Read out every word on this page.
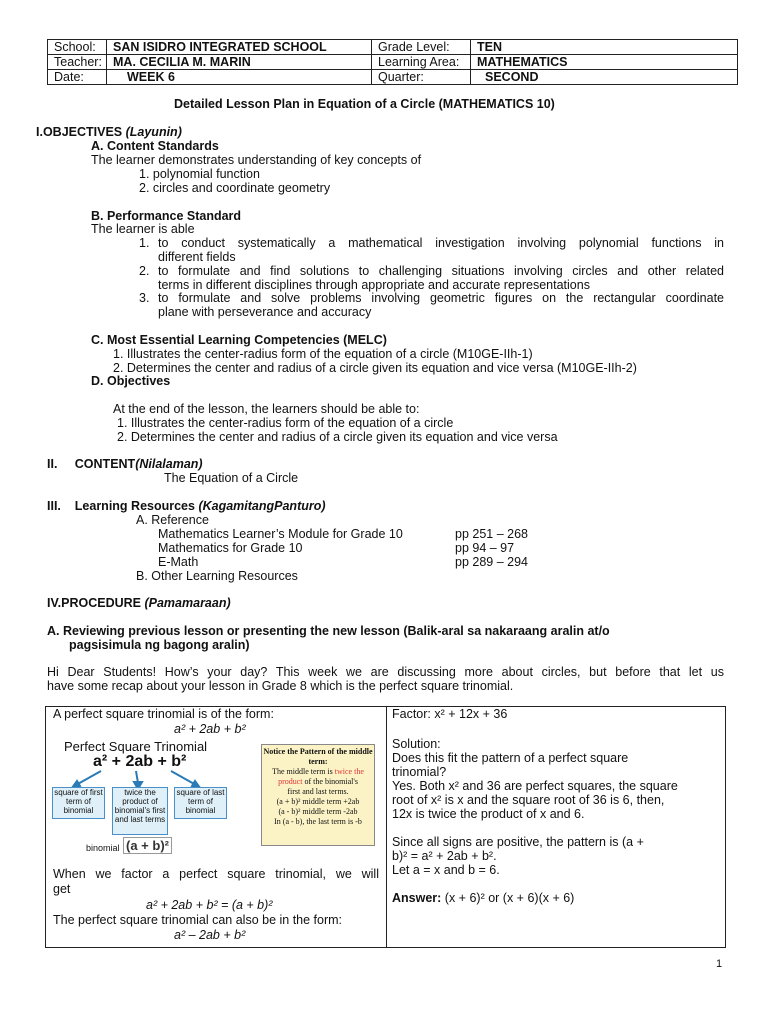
School:	SAN ISIDRO INTEGRATED SCHOOL	Grade Level:	TEN
Teacher:	MA. CECILIA M. MARIN	Learning Area:	MATHEMATICS
Date:	WEEK 6	Quarter:	SECOND
Detailed Lesson Plan in Equation of a Circle (MATHEMATICS 10)
I.OBJECTIVES (Layunin)
A. Content Standards
The learner demonstrates understanding of key concepts of
1. polynomial function
2. circles and coordinate geometry
B. Performance Standard
The learner is able
1. to conduct systematically a mathematical investigation involving polynomial functions in
different fields
2. to formulate and find solutions to challenging situations involving circles and other related
terms in different disciplines through appropriate and accurate representations
3. to formulate and solve problems involving geometric figures on the rectangular coordinate
plane with perseverance and accuracy
C. Most Essential Learning Competencies (MELC)
1. Illustrates the center-radius form of the equation of a circle (M10GE-IIh-1)
2. Determines the center and radius of a circle given its equation and vice versa (M10GE-IIh-2)
D. Objectives
At the end of the lesson, the learners should be able to:
1. Illustrates the center-radius form of the equation of a circle
2. Determines the center and radius of a circle given its equation and vice versa
II.     CONTENT(Nilalaman)
The Equation of a Circle
III.    Learning Resources (KagamitangPanturo)
A. Reference
Mathematics Learner’s Module for Grade 10	pp 251 – 268
Mathematics for Grade 10	pp 94 – 97
E-Math	pp 289 – 294
B. Other Learning Resources
IV.PROCEDURE (Pamamaraan)
A. Reviewing previous lesson or presenting the new lesson (Balik-aral sa nakaraang aralin at/o
pagsisimula ng bagong aralin)
Hi Dear Students! How’s your day? This week we are discussing more about circles, but before that let us
have some recap about your lesson in Grade 8 which is the perfect square trinomial.
A perfect square trinomial is of the form:
a² + 2ab + b²
Perfect Square Trinomial
a² + 2ab + b²
square of first term of binomial
twice the product of binomial's first and last terms
square of last term of binomial
binomial (a + b)²
Notice the Pattern of the middle term:
The middle term is twice the
product of the binomial's
first and last terms.
(a + b)² middle term +2ab
(a - b)² middle term -2ab
In (a - b), the last term is -b
When we factor a perfect square trinomial, we will
get
a² + 2ab + b² = (a + b)²
The perfect square trinomial can also be in the form:
a² – 2ab + b²
Factor: x² + 12x + 36
Solution:
Does this fit the pattern of a perfect square
trinomial?
Yes. Both x² and 36 are perfect squares, the square
root of x² is x and the square root of 36 is 6, then,
12x is twice the product of x and 6.
Since all signs are positive, the pattern is (a +
b)² = a² + 2ab + b².
Let a = x and b = 6.
Answer: (x + 6)² or (x + 6)(x + 6)
1
